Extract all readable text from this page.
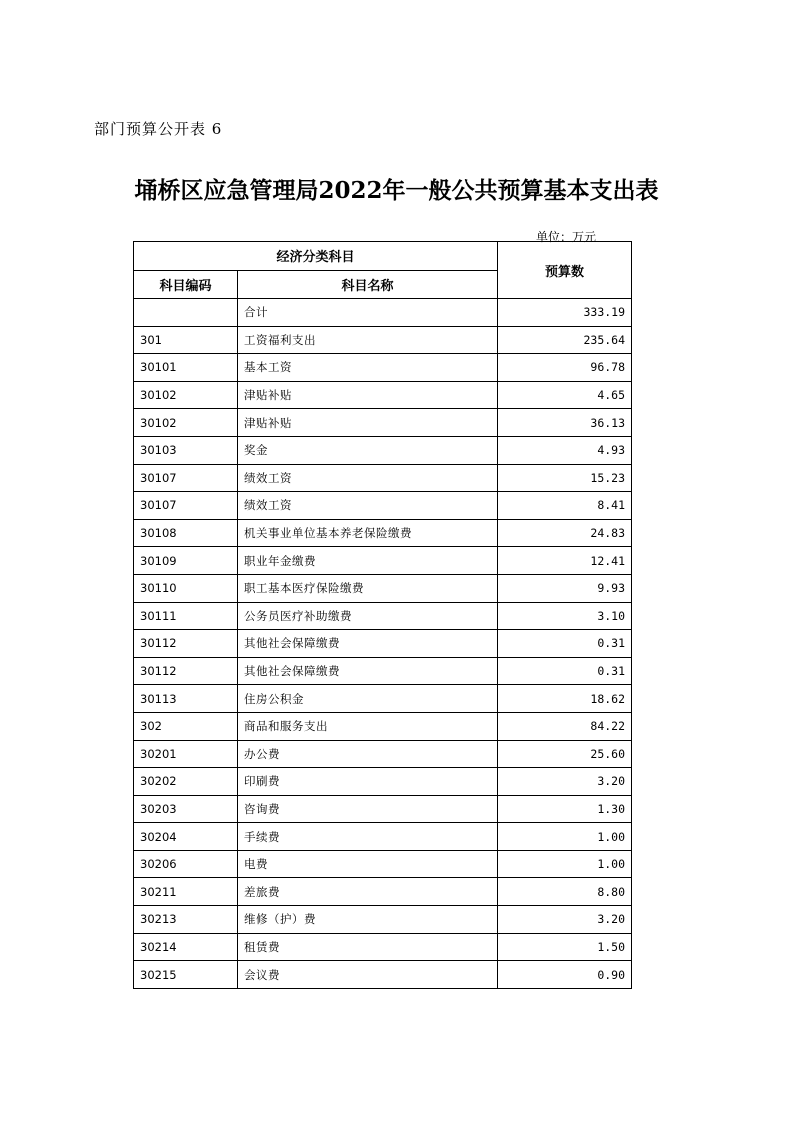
部门预算公开表 6
埇桥区应急管理局2022年一般公共预算基本支出表
单位：万元
经济分类科目		预算数
科目编码	科目名称	
	合计	333.19
301	工资福利支出	235.64
30101	基本工资	96.78
30102	津贴补贴	4.65
30102	津贴补贴	36.13
30103	奖金	4.93
30107	绩效工资	15.23
30107	绩效工资	8.41
30108	机关事业单位基本养老保险缴费	24.83
30109	职业年金缴费	12.41
30110	职工基本医疗保险缴费	9.93
30111	公务员医疗补助缴费	3.10
30112	其他社会保障缴费	0.31
30112	其他社会保障缴费	0.31
30113	住房公积金	18.62
302	商品和服务支出	84.22
30201	办公费	25.60
30202	印刷费	3.20
30203	咨询费	1.30
30204	手续费	1.00
30206	电费	1.00
30211	差旅费	8.80
30213	维修（护）费	3.20
30214	租赁费	1.50
30215	会议费	0.90
